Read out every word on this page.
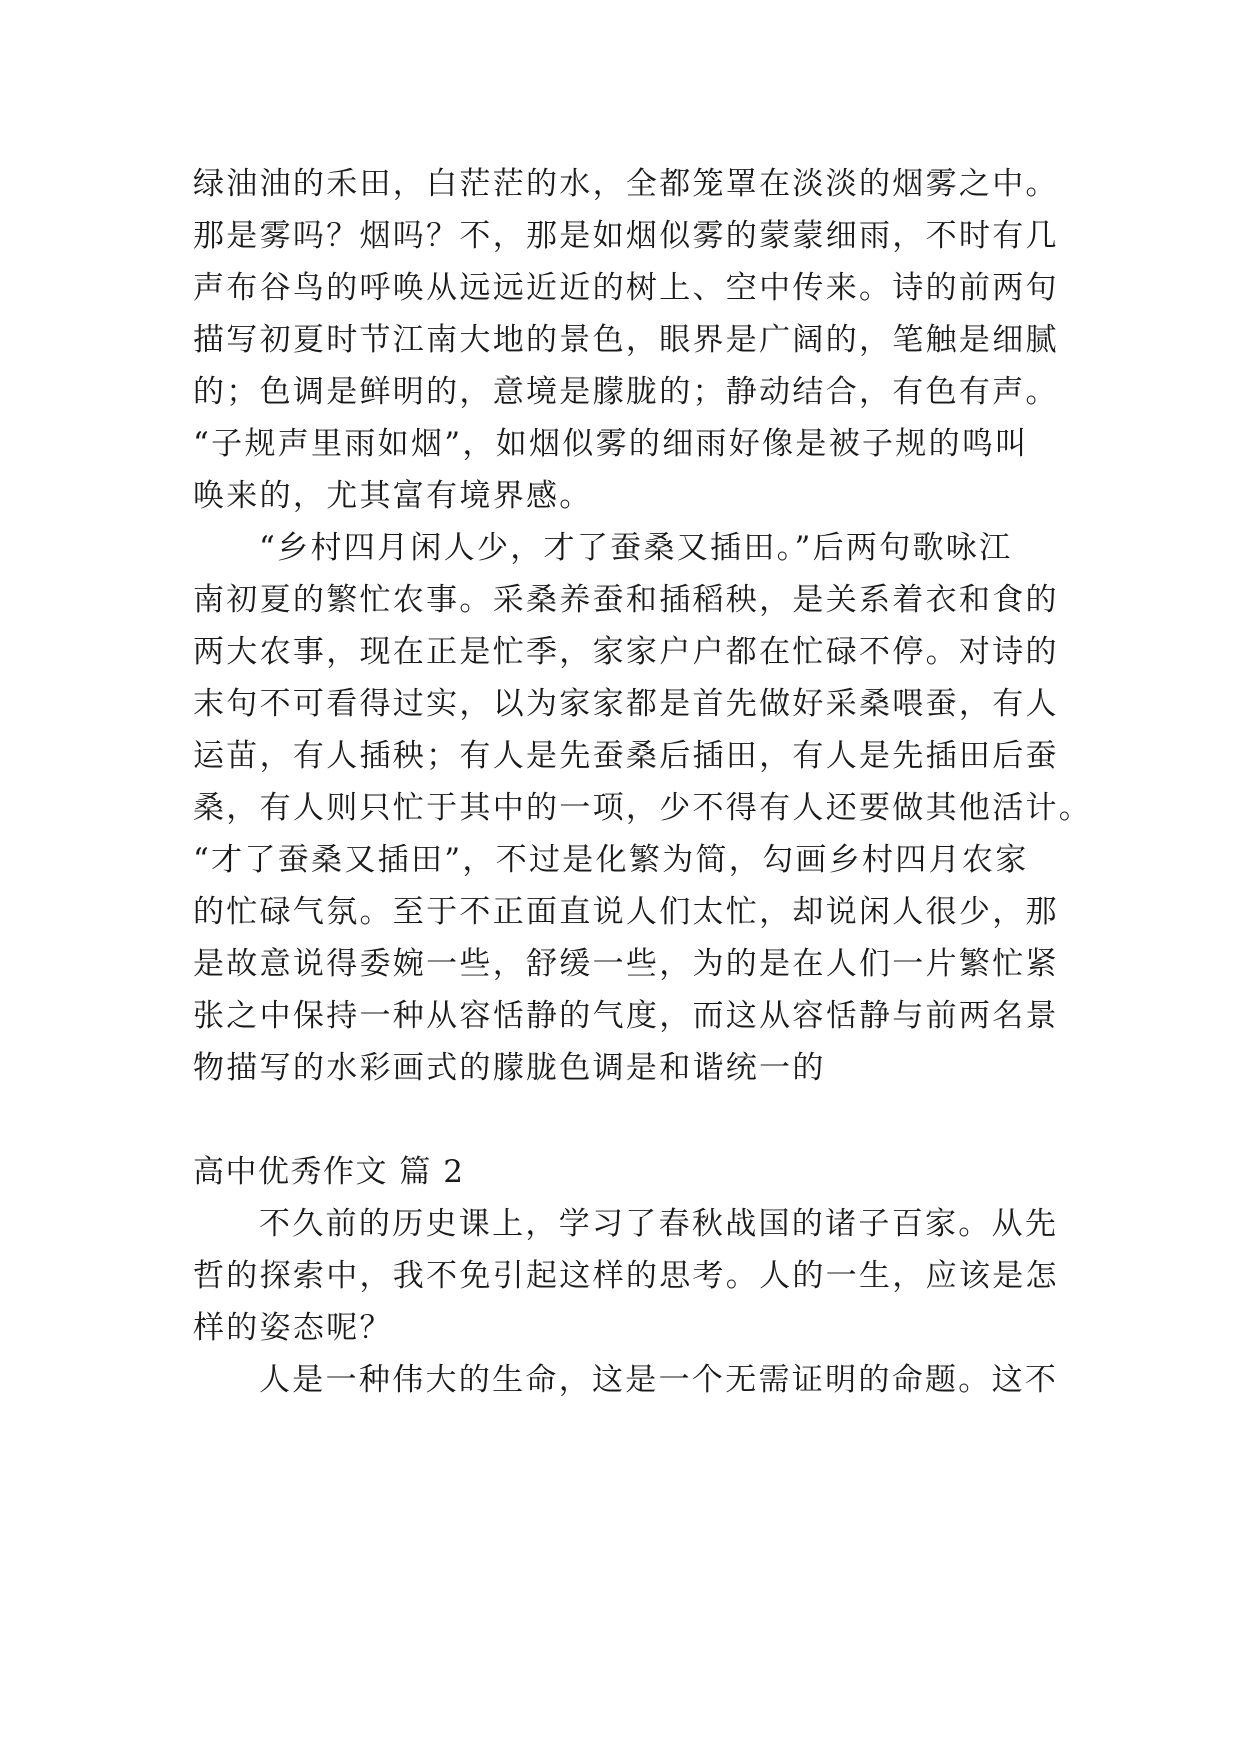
绿油油的禾田，白茫茫的水，全都笼罩在淡淡的烟雾之中。
那是雾吗？烟吗？不，那是如烟似雾的蒙蒙细雨，不时有几
声布谷鸟的呼唤从远远近近的树上、空中传来。诗的前两句
描写初夏时节江南大地的景色，眼界是广阔的，笔触是细腻
的；色调是鲜明的，意境是朦胧的；静动结合，有色有声。
“子规声里雨如烟”，如烟似雾的细雨好像是被子规的鸣叫
唤来的，尤其富有境界感。
“乡村四月闲人少，才了蚕桑又插田。”后两句歌咏江
南初夏的繁忙农事。采桑养蚕和插稻秧，是关系着衣和食的
两大农事，现在正是忙季，家家户户都在忙碌不停。对诗的
末句不可看得过实，以为家家都是首先做好采桑喂蚕，有人
运苗，有人插秧；有人是先蚕桑后插田，有人是先插田后蚕
桑，有人则只忙于其中的一项，少不得有人还要做其他活计。
“才了蚕桑又插田”，不过是化繁为简，勾画乡村四月农家
的忙碌气氛。至于不正面直说人们太忙，却说闲人很少，那
是故意说得委婉一些，舒缓一些，为的是在人们一片繁忙紧
张之中保持一种从容恬静的气度，而这从容恬静与前两名景
物描写的水彩画式的朦胧色调是和谐统一的
高中优秀作文 篇 2
不久前的历史课上，学习了春秋战国的诸子百家。从先
哲的探索中，我不免引起这样的思考。人的一生，应该是怎
样的姿态呢？
人是一种伟大的生命，这是一个无需证明的命题。这不
